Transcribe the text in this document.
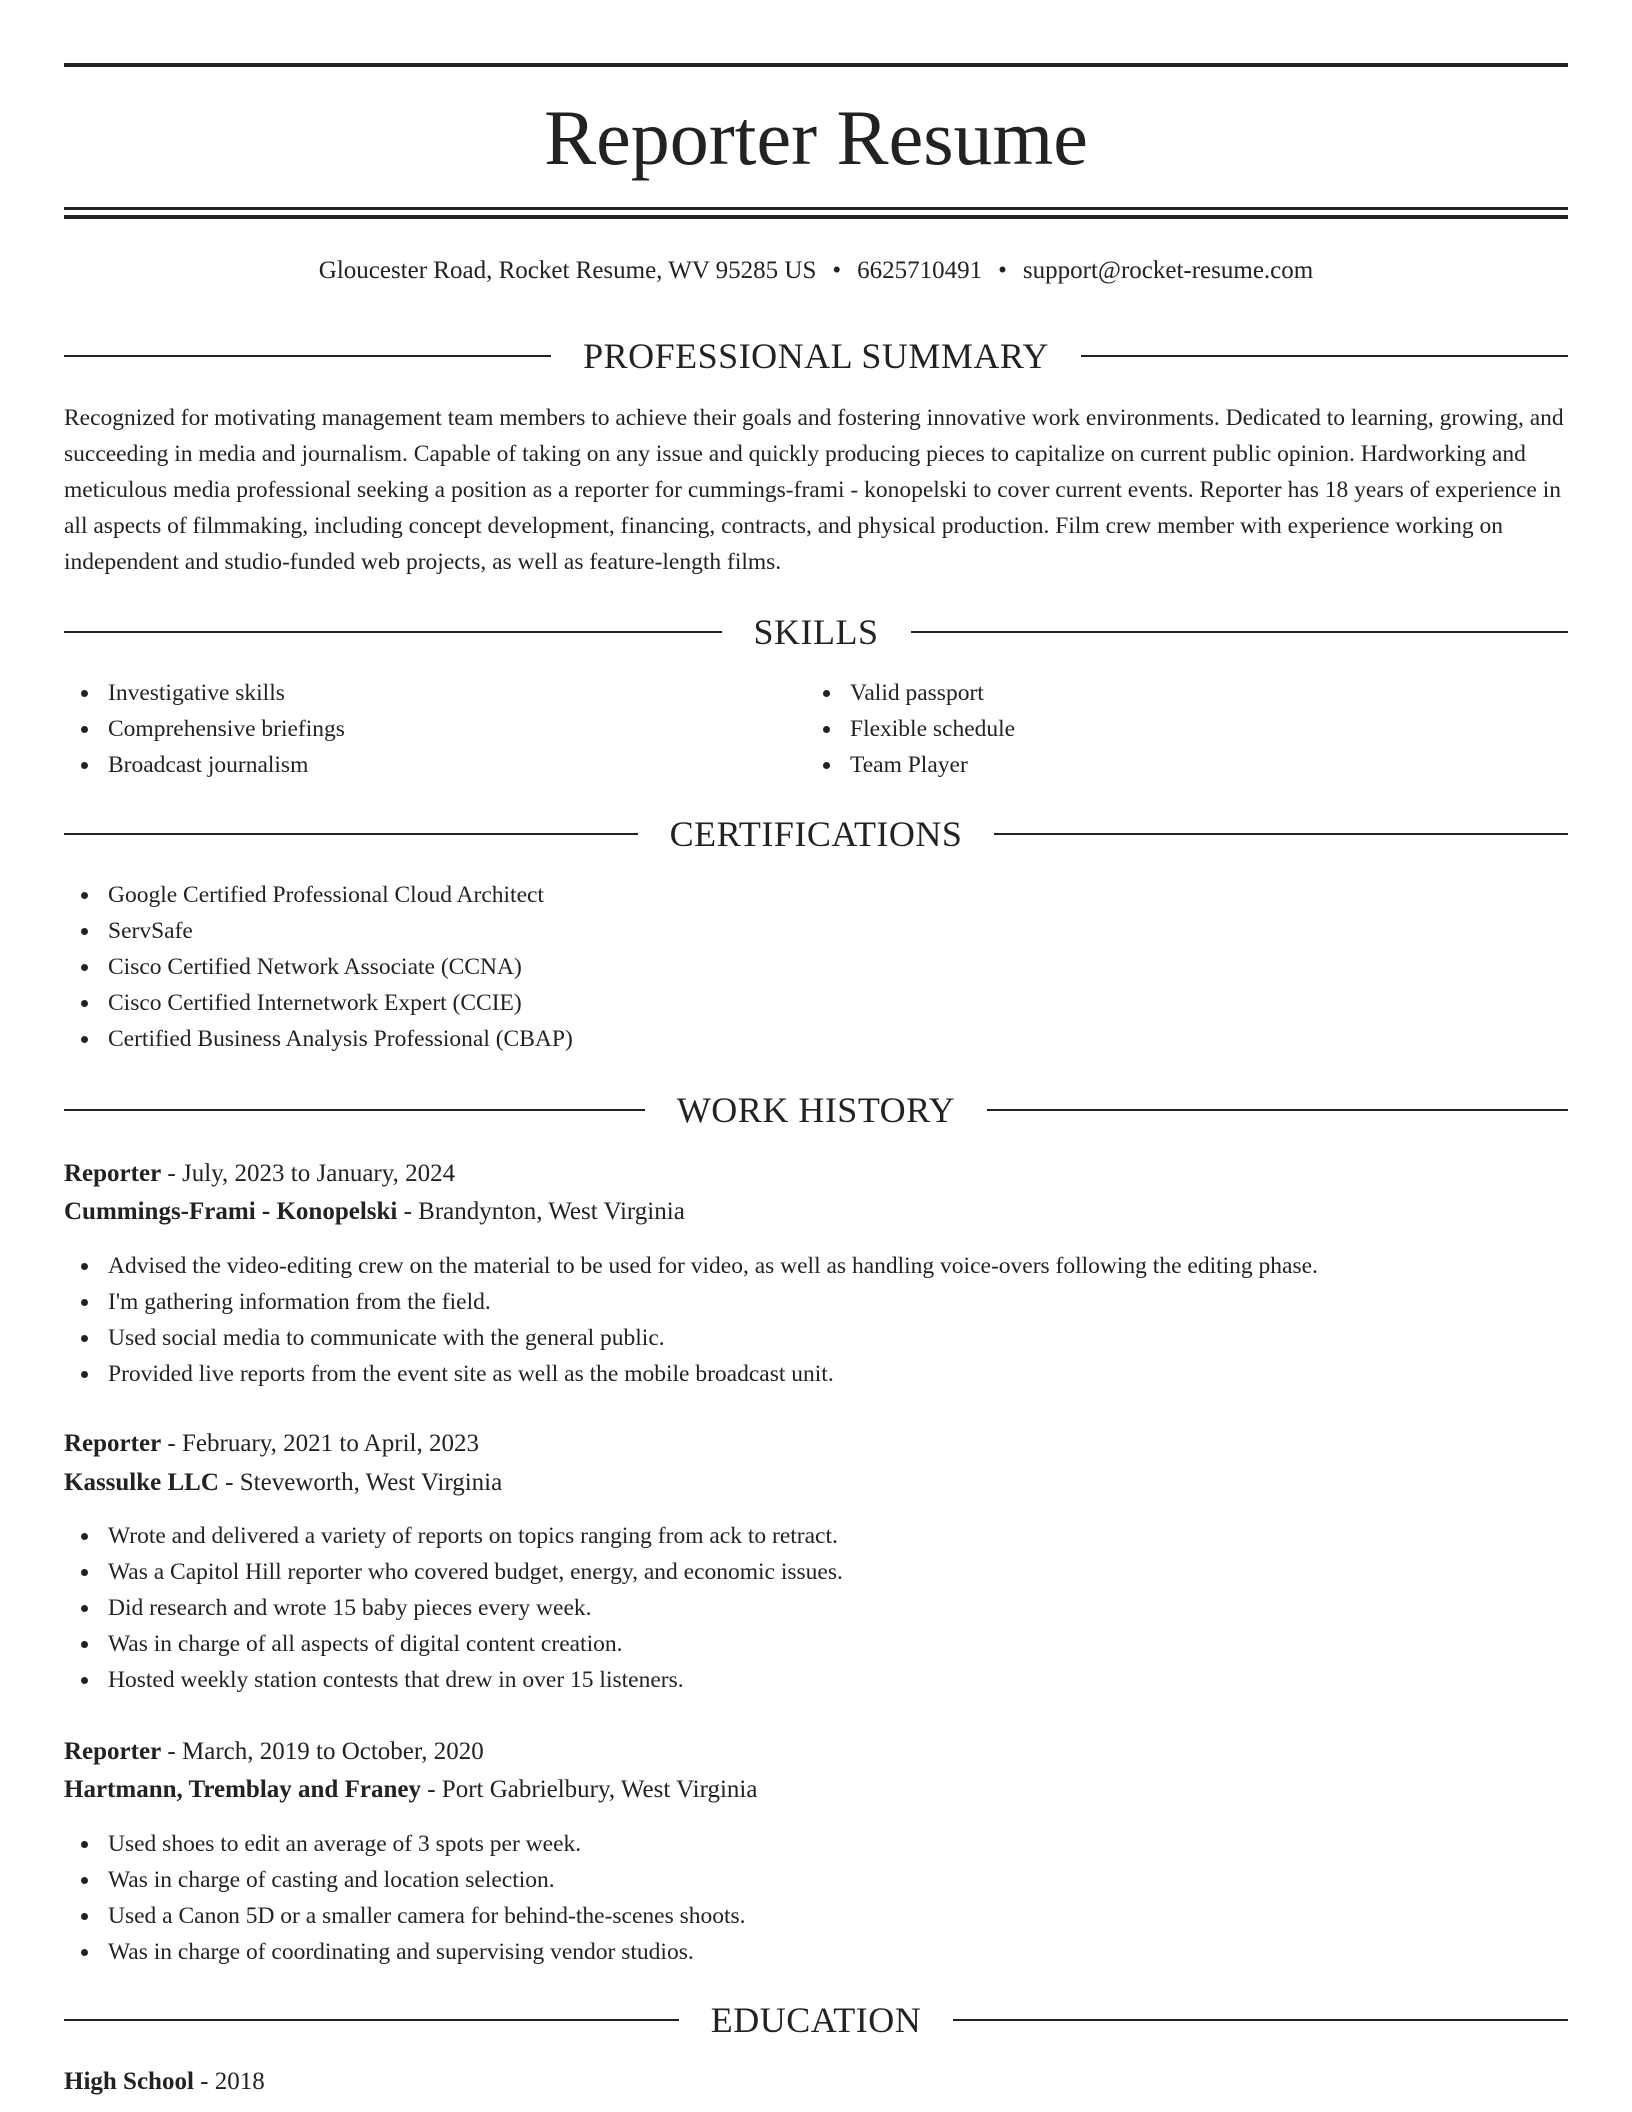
Reporter Resume
Gloucester Road, Rocket Resume, WV 95285 US • 6625710491 • support@rocket-resume.com
PROFESSIONAL SUMMARY
Recognized for motivating management team members to achieve their goals and fostering innovative work environments. Dedicated to learning, growing, and succeeding in media and journalism. Capable of taking on any issue and quickly producing pieces to capitalize on current public opinion. Hardworking and meticulous media professional seeking a position as a reporter for cummings-frami - konopelski to cover current events. Reporter has 18 years of experience in all aspects of filmmaking, including concept development, financing, contracts, and physical production. Film crew member with experience working on independent and studio-funded web projects, as well as feature-length films.
SKILLS
Investigative skills
Comprehensive briefings
Broadcast journalism
Valid passport
Flexible schedule
Team Player
CERTIFICATIONS
Google Certified Professional Cloud Architect
ServSafe
Cisco Certified Network Associate (CCNA)
Cisco Certified Internetwork Expert (CCIE)
Certified Business Analysis Professional (CBAP)
WORK HISTORY
Reporter - July, 2023 to January, 2024
Cummings-Frami - Konopelski - Brandynton, West Virginia
Advised the video-editing crew on the material to be used for video, as well as handling voice-overs following the editing phase.
I'm gathering information from the field.
Used social media to communicate with the general public.
Provided live reports from the event site as well as the mobile broadcast unit.
Reporter - February, 2021 to April, 2023
Kassulke LLC - Steveworth, West Virginia
Wrote and delivered a variety of reports on topics ranging from ack to retract.
Was a Capitol Hill reporter who covered budget, energy, and economic issues.
Did research and wrote 15 baby pieces every week.
Was in charge of all aspects of digital content creation.
Hosted weekly station contests that drew in over 15 listeners.
Reporter - March, 2019 to October, 2020
Hartmann, Tremblay and Franey - Port Gabrielbury, West Virginia
Used shoes to edit an average of 3 spots per week.
Was in charge of casting and location selection.
Used a Canon 5D or a smaller camera for behind-the-scenes shoots.
Was in charge of coordinating and supervising vendor studios.
EDUCATION
High School - 2018
